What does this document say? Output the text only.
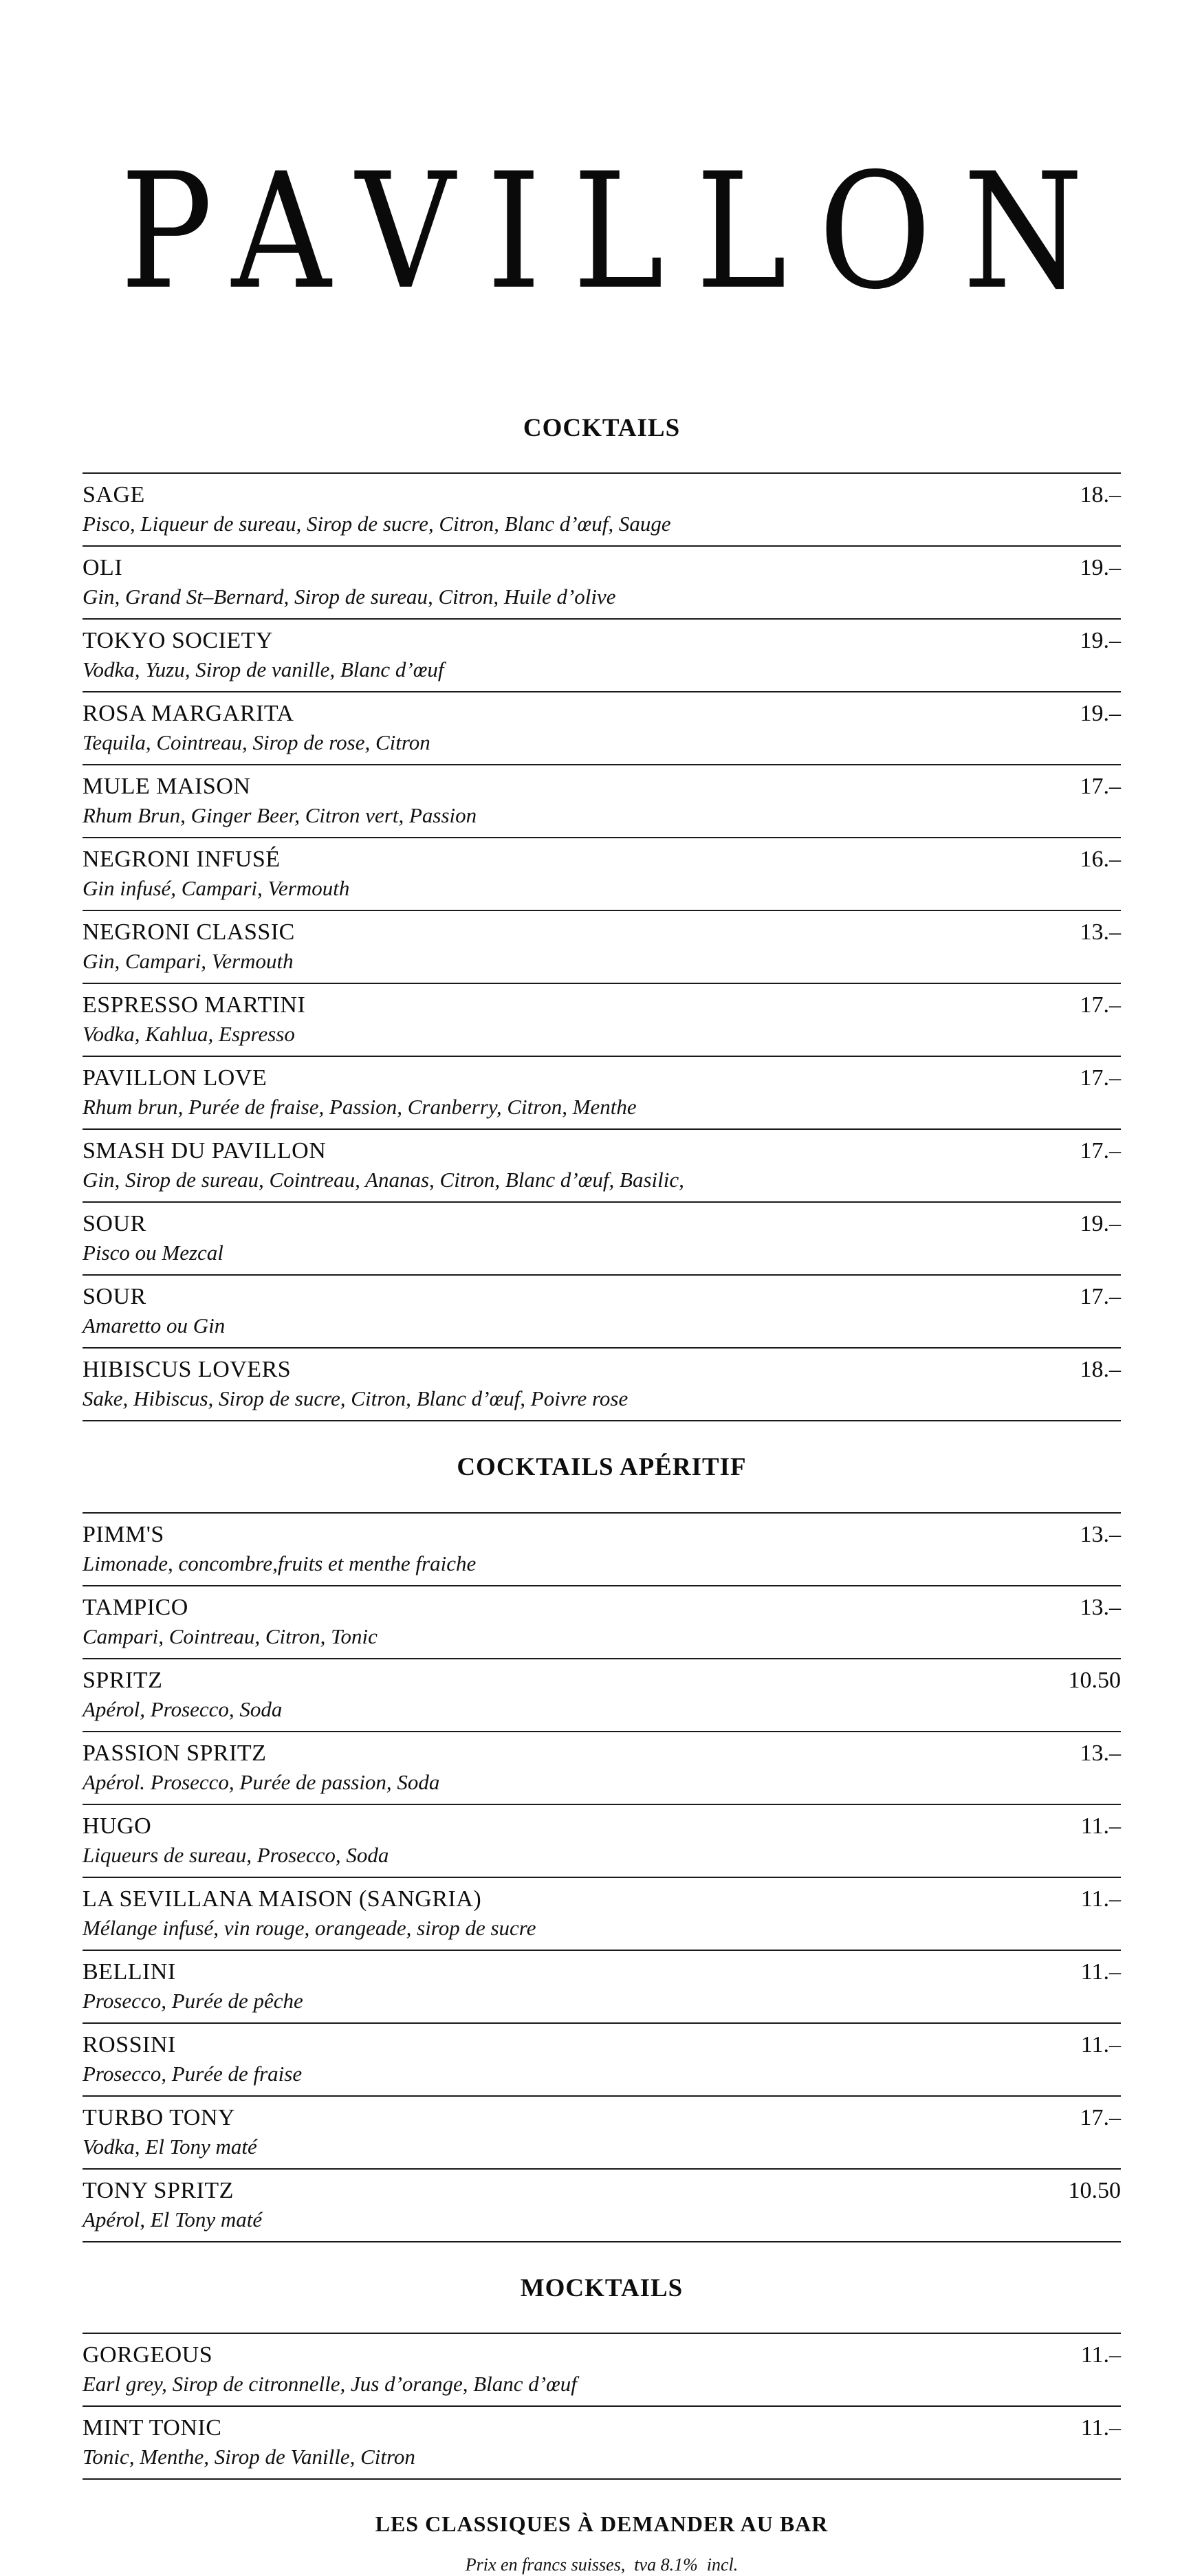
PAVILLON
COCKTAILS
SAGE	18.–
Pisco, Liqueur de sureau, Sirop de sucre, Citron, Blanc d’œuf, Sauge
OLI	19.–
Gin, Grand St–Bernard, Sirop de sureau, Citron, Huile d’olive
TOKYO SOCIETY	19.–
Vodka, Yuzu, Sirop de vanille, Blanc d’œuf
ROSA MARGARITA	19.–
Tequila, Cointreau, Sirop de rose, Citron
MULE MAISON	17.–
Rhum Brun, Ginger Beer, Citron vert, Passion
NEGRONI INFUSÉ	16.–
Gin infusé, Campari, Vermouth
NEGRONI CLASSIC	13.–
Gin, Campari, Vermouth
ESPRESSO MARTINI	17.–
Vodka, Kahlua, Espresso
PAVILLON LOVE	17.–
Rhum brun, Purée de fraise, Passion, Cranberry, Citron, Menthe
SMASH DU PAVILLON	17.–
Gin, Sirop de sureau, Cointreau, Ananas, Citron, Blanc d’œuf, Basilic,
SOUR	19.–
Pisco ou Mezcal
SOUR	17.–
Amaretto ou Gin
HIBISCUS LOVERS	18.–
Sake, Hibiscus, Sirop de sucre, Citron, Blanc d’œuf, Poivre rose
COCKTAILS APÉRITIF
PIMM'S	13.–
Limonade, concombre,fruits et menthe fraiche
TAMPICO	13.–
Campari, Cointreau, Citron, Tonic
SPRITZ	10.50
Apérol, Prosecco, Soda
PASSION SPRITZ	13.–
Apérol. Prosecco, Purée de passion, Soda
HUGO	11.–
Liqueurs de sureau, Prosecco, Soda
LA SEVILLANA MAISON (SANGRIA)	11.–
Mélange infusé, vin rouge, orangeade, sirop de sucre
BELLINI	11.–
Prosecco, Purée de pêche
ROSSINI	11.–
Prosecco, Purée de fraise
TURBO TONY	17.–
Vodka, El Tony maté
TONY SPRITZ	10.50
Apérol, El Tony maté
MOCKTAILS
GORGEOUS	11.–
Earl grey, Sirop de citronnelle, Jus d’orange, Blanc d’œuf
MINT TONIC	11.–
Tonic, Menthe, Sirop de Vanille, Citron
LES CLASSIQUES À DEMANDER AU BAR
Prix en francs suisses,  tva 8.1%  incl.
